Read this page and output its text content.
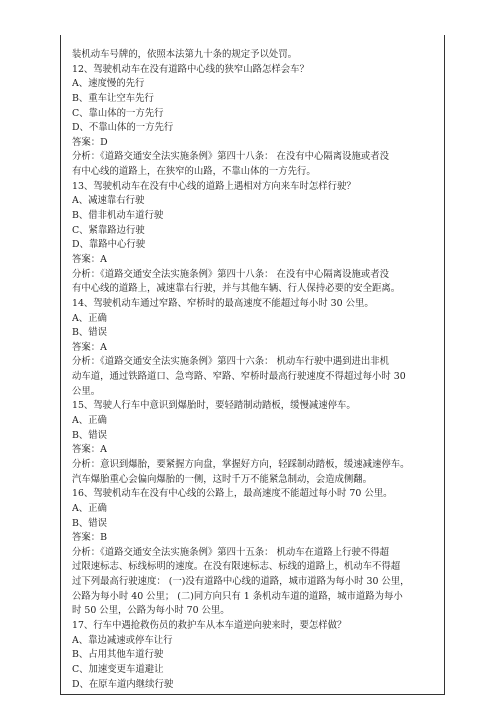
装机动车号牌的，依照本法第九十条的规定予以处罚。
12、驾驶机动车在没有道路中心线的狭窄山路怎样会车？
A、速度慢的先行
B、重车让空车先行
C、靠山体的一方先行
D、不靠山体的一方先行
答案：D
分析：《道路交通安全法实施条例》第四十八条： 在没有中心隔离设施或者没
有中心线的道路上，在狭窄的山路，不靠山体的一方先行。
13、驾驶机动车在没有中心线的道路上遇相对方向来车时怎样行驶？
A、减速靠右行驶
B、借非机动车道行驶
C、紧靠路边行驶
D、靠路中心行驶
答案：A
分析：《道路交通安全法实施条例》第四十八条： 在没有中心隔离设施或者没
有中心线的道路上，减速靠右行驶，并与其他车辆、行人保持必要的安全距离。
14、驾驶机动车通过窄路、窄桥时的最高速度不能超过每小时 30 公里。
A、正确
B、错误
答案：A
分析：《道路交通安全法实施条例》第四十六条： 机动车行驶中遇到进出非机
动车道，通过铁路道口、急弯路、窄路、窄桥时最高行驶速度不得超过每小时 30
公里。
15、驾驶人行车中意识到爆胎时，要轻踏制动踏板，缓慢减速停车。
A、正确
B、错误
答案：A
分析：意识到爆胎，要紧握方向盘，掌握好方向，轻踩制动踏板，缓速减速停车。
汽车爆胎重心会偏向爆胎的一侧，这时千万不能紧急制动，会造成侧翻。
16、驾驶机动车在没有中心线的公路上，最高速度不能超过每小时 70 公里。
A、正确
B、错误
答案：B
分析：《道路交通安全法实施条例》第四十五条： 机动车在道路上行驶不得超
过限速标志、标线标明的速度。在没有限速标志、标线的道路上，机动车不得超
过下列最高行驶速度： (一)没有道路中心线的道路，城市道路为每小时 30 公里，
公路为每小时 40 公里； (二)同方向只有 1 条机动车道的道路，城市道路为每小
时 50 公里，公路为每小时 70 公里。
17、行车中遇抢救伤员的救护车从本车道逆向驶来时，要怎样做？
A、靠边减速或停车让行
B、占用其他车道行驶
C、加速变更车道避让
D、在原车道内继续行驶
